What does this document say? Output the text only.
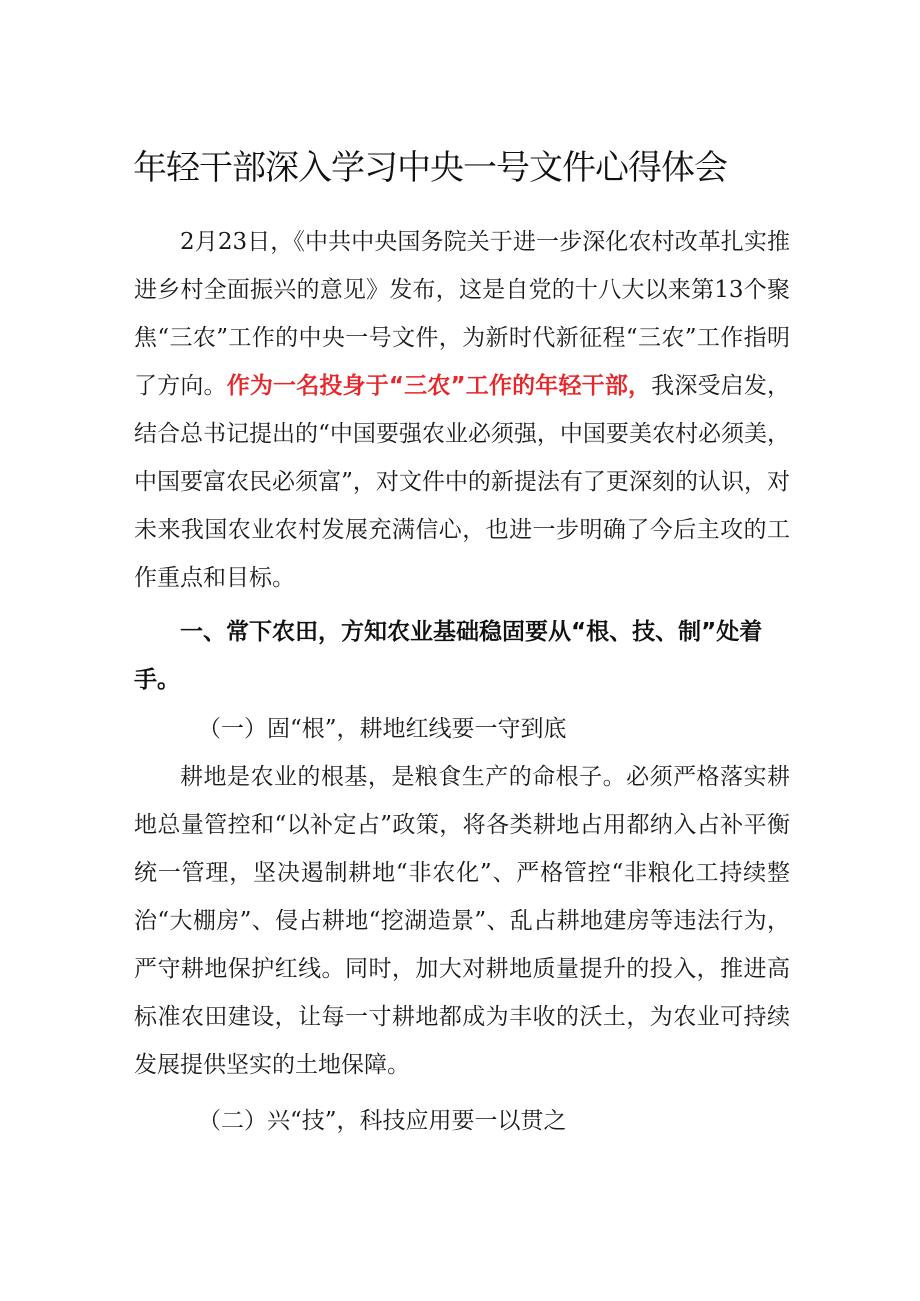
年轻干部深入学习中央一号文件心得体会

2月23日，《中共中央国务院关于进一步深化农村改革扎实推进乡村全面振兴的意见》发布，这是自党的十八大以来第13个聚焦“三农”工作的中央一号文件，为新时代新征程“三农”工作指明了方向。作为一名投身于“三农”工作的年轻干部，我深受启发，结合总书记提出的“中国要强农业必须强，中国要美农村必须美，中国要富农民必须富”，对文件中的新提法有了更深刻的认识，对未来我国农业农村发展充满信心，也进一步明确了今后主攻的工作重点和目标。

一、常下农田，方知农业基础稳固要从“根、技、制”处着手。

（一）固“根”，耕地红线要一守到底

耕地是农业的根基，是粮食生产的命根子。必须严格落实耕地总量管控和“以补定占”政策，将各类耕地占用都纳入占补平衡统一管理，坚决遏制耕地“非农化”、严格管控“非粮化工持续整治“大棚房”、侵占耕地“挖湖造景”、乱占耕地建房等违法行为，严守耕地保护红线。同时，加大对耕地质量提升的投入，推进高标准农田建设，让每一寸耕地都成为丰收的沃土，为农业可持续发展提供坚实的土地保障。

（二）兴“技”，科技应用要一以贯之
